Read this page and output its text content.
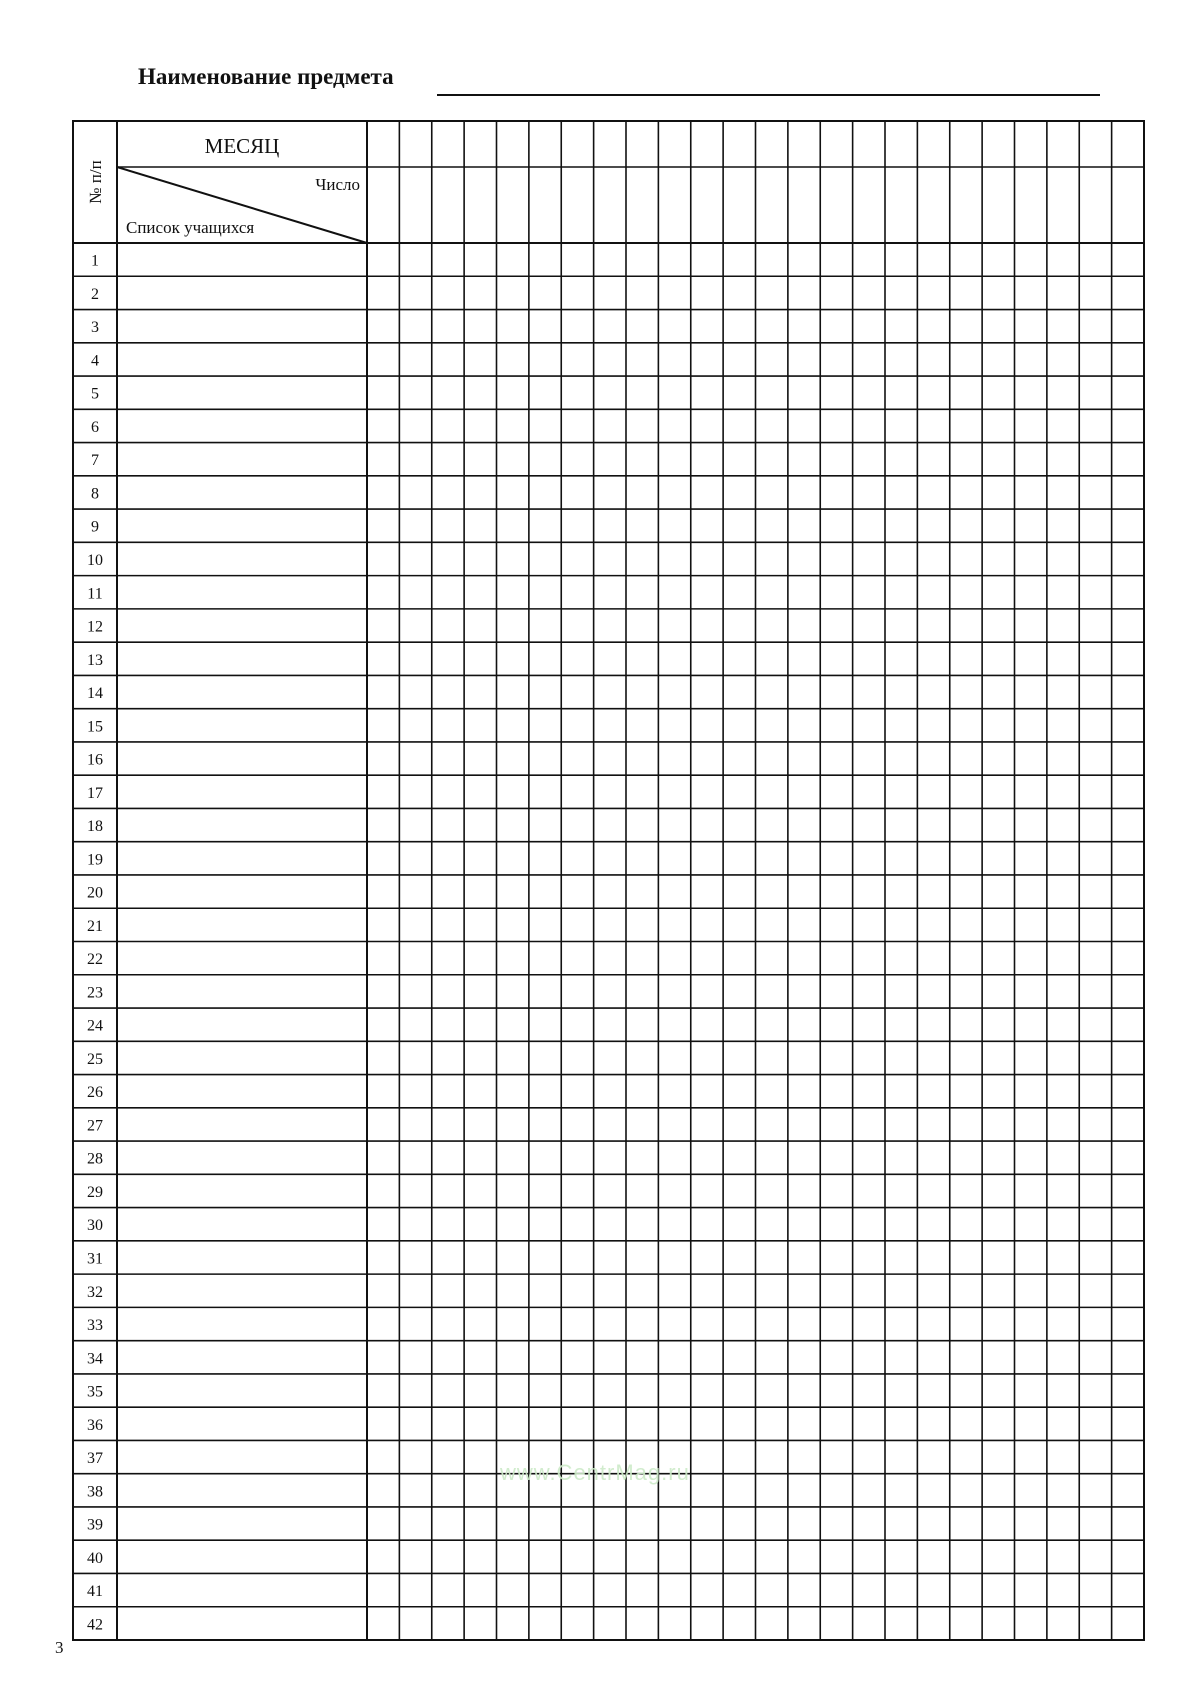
Наименование предмета
1
2
3
4
5
6
7
8
9
10
11
12
13
14
15
16
17
18
19
20
21
22
23
24
25
26
27
28
29
30
31
32
33
34
35
36
37
38
39
40
41
42
МЕСЯЦ
Число
Список учащихся
№ п/п
www.CentrMag.ru
3
